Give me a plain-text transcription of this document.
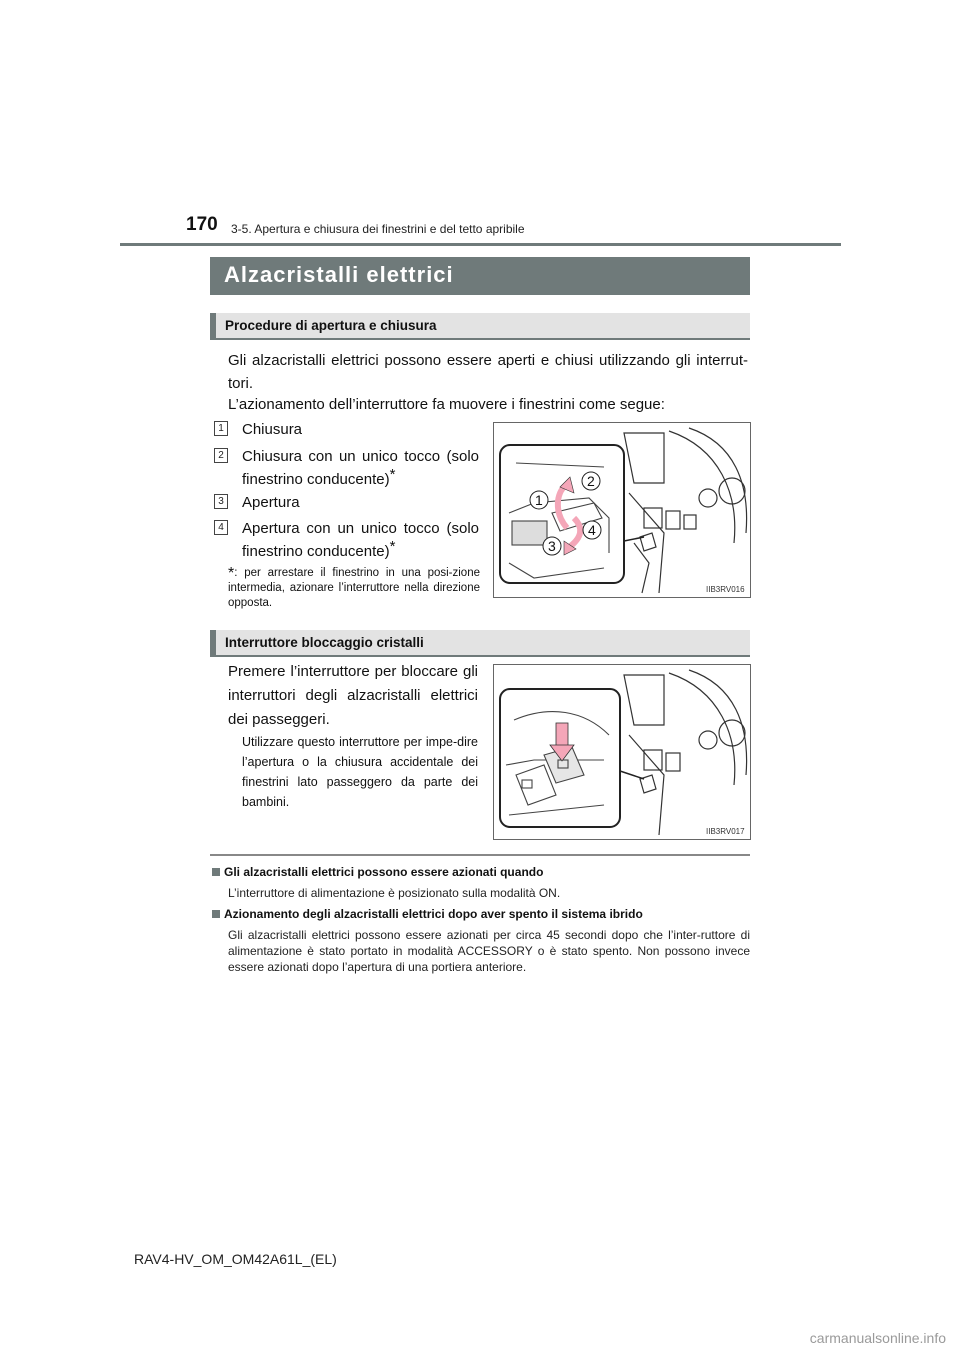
170 3-5. Apertura e chiusura dei finestrini e del tetto apribile
Alzacristalli elettrici
Procedure di apertura e chiusura
Gli alzacristalli elettrici possono essere aperti e chiusi utilizzando gli interrut-tori.
L’azionamento dell’interruttore fa muovere i finestrini come segue:
1 Chiusura
2 Chiusura con un unico tocco (solo finestrino conducente)*
3 Apertura
4 Apertura con un unico tocco (solo finestrino conducente)*
*: per arrestare il finestrino in una posi-zione intermedia, azionare l’interruttore nella direzione opposta.
1
2
3
4
IIB3RV016
Interruttore bloccaggio cristalli
Premere l’interruttore per bloccare gli interruttori degli alzacristalli elettrici dei passeggeri.
Utilizzare questo interruttore per impe-dire l’apertura o la chiusura accidentale dei finestrini lato passeggero da parte dei bambini.
IIB3RV017
Gli alzacristalli elettrici possono essere azionati quando
L’interruttore di alimentazione è posizionato sulla modalità ON.
Azionamento degli alzacristalli elettrici dopo aver spento il sistema ibrido
Gli alzacristalli elettrici possono essere azionati per circa 45 secondi dopo che l’inter-ruttore di alimentazione è stato portato in modalità ACCESSORY o è stato spento. Non possono invece essere azionati dopo l’apertura di una portiera anteriore.
RAV4-HV_OM_OM42A61L_(EL)
carmanualsonline.info
